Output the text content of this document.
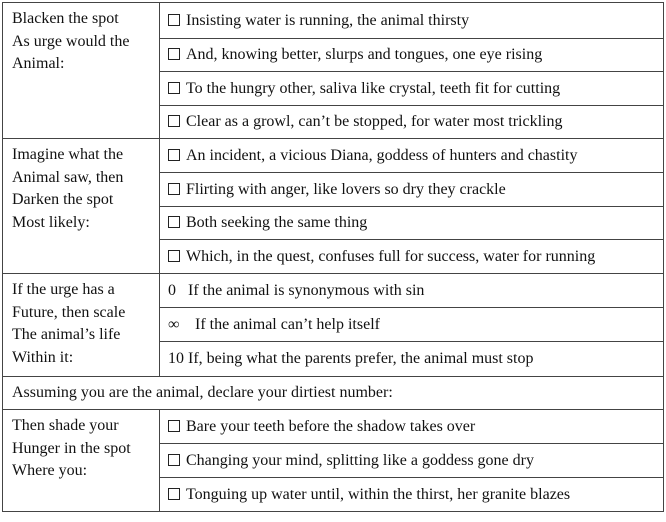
Blacken the spot
As urge would the
Animal:	Insisting water is running, the animal thirsty
	And, knowing better, slurps and tongues, one eye rising
	To the hungry other, saliva like crystal, teeth fit for cutting
	Clear as a growl, can’t be stopped, for water most trickling

Imagine what the
Animal saw, then
Darken the spot
Most likely:	An incident, a vicious Diana, goddess of hunters and chastity
	Flirting with anger, like lovers so dry they crackle
	Both seeking the same thing
	Which, in the quest, confuses full for success, water for running

If the urge has a
Future, then scale
The animal’s life
Within it:	0 If the animal is synonymous with sin
	∞ If the animal can’t help itself
	10 If, being what the parents prefer, the animal must stop
Assuming you are the animal, declare your dirtiest number:	

Then shade your
Hunger in the spot
Where you:	Bare your teeth before the shadow takes over
	Changing your mind, splitting like a goddess gone dry
	Tonguing up water until, within the thirst, her granite blazes
